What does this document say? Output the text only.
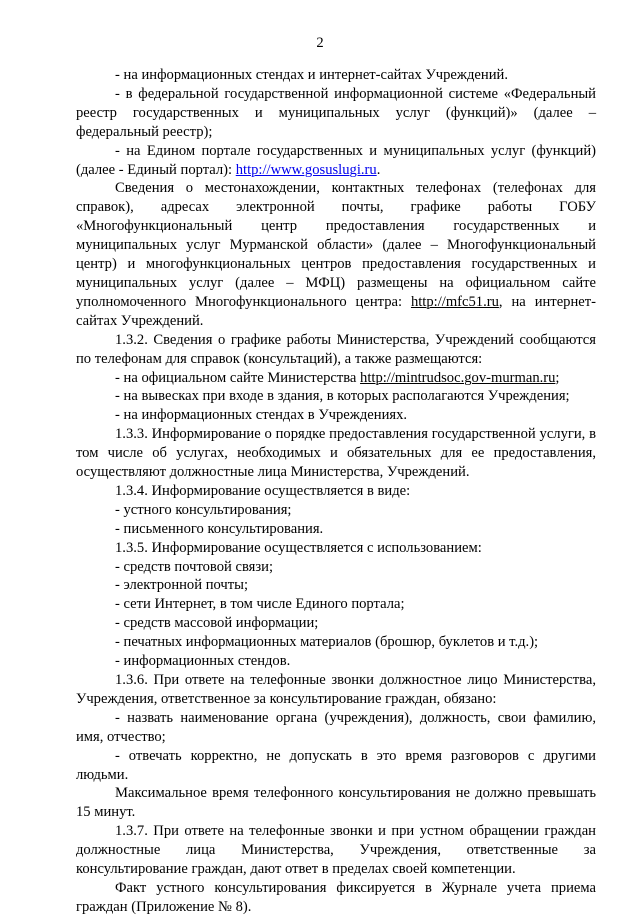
2

- на информационных стендах и интернет-сайтах Учреждений.

- в федеральной государственной информационной системе «Федеральный реестр государственных и муниципальных услуг (функций)» (далее – федеральный реестр);

- на Едином портале государственных и муниципальных услуг (функций) (далее - Единый портал): http://www.gosuslugi.ru.

Сведения о местонахождении, контактных телефонах (телефонах для справок), адресах электронной почты, графике работы ГОБУ «Многофункциональный центр предоставления государственных и муниципальных услуг Мурманской области» (далее – Многофункциональный центр) и многофункциональных центров предоставления государственных и муниципальных услуг (далее – МФЦ) размещены на официальном сайте уполномоченного Многофункционального центра: http://mfc51.ru, на интернет-сайтах Учреждений.

1.3.2. Сведения о графике работы Министерства, Учреждений сообщаются по телефонам для справок (консультаций), а также размещаются:

- на официальном сайте Министерства http://mintrudsoc.gov-murman.ru;

- на вывесках при входе в здания, в которых располагаются Учреждения;

- на информационных стендах в Учреждениях.

1.3.3. Информирование о порядке предоставления государственной услуги, в том числе об услугах, необходимых и обязательных для ее предоставления, осуществляют должностные лица Министерства, Учреждений.

1.3.4. Информирование осуществляется в виде:

- устного консультирования;

- письменного консультирования.

1.3.5. Информирование осуществляется с использованием:

- средств почтовой связи;

- электронной почты;

- сети Интернет, в том числе Единого портала;

- средств массовой информации;

- печатных информационных материалов (брошюр, буклетов и т.д.);

- информационных стендов.

1.3.6. При ответе на телефонные звонки должностное лицо Министерства, Учреждения, ответственное за консультирование граждан, обязано:

- назвать наименование органа (учреждения), должность, свои фамилию, имя, отчество;

- отвечать корректно, не допускать в это время разговоров с другими людьми.

Максимальное время телефонного консультирования не должно превышать 15 минут.

1.3.7. При ответе на телефонные звонки и при устном обращении граждан должностные лица Министерства, Учреждения, ответственные за консультирование граждан, дают ответ в пределах своей компетенции.

Факт устного консультирования фиксируется в Журнале учета приема граждан (Приложение № 8).
